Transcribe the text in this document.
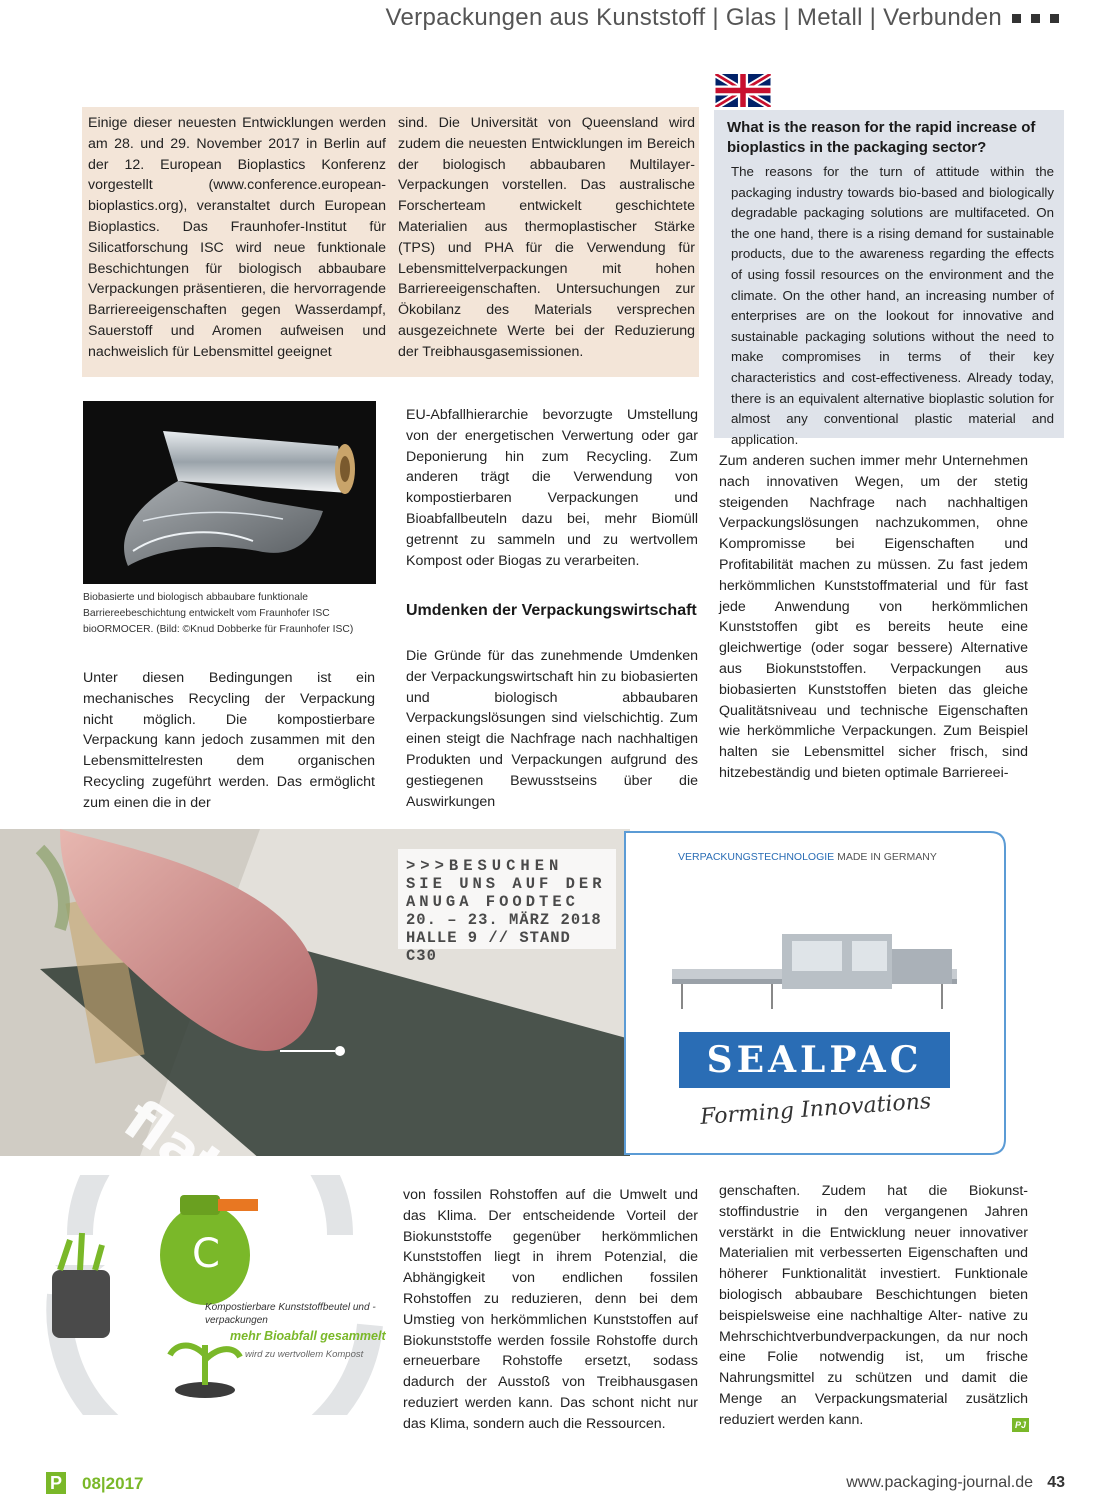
Verpackungen aus Kunststoff | Glas | Metall | Verbunden
Einige dieser neuesten Entwicklungen werden am 28. und 29. November 2017 in Berlin auf der 12. European Bioplastics Konferenz vorgestellt (www.conference.european-bioplastics.org), veranstaltet durch European Bioplastics. Das Fraunhofer-Institut für Silicatforschung ISC wird neue funktionale Beschichtungen für biologisch abbaubare Verpackungen präsentieren, die hervorragende Barriereeigenschaften gegen Wasserdampf, Sauerstoff und Aromen aufweisen und nachweislich für Lebensmittel geeignet
sind. Die Universität von Queensland wird zudem die neuesten Entwicklungen im Bereich der biologisch abbaubaren Multilayer-Verpackungen vorstellen. Das australische Forscherteam entwickelt geschichtete Materialien aus thermoplastischer Stärke (TPS) und PHA für die Verwendung für Lebensmittelverpackungen mit hohen Barriereeigenschaften. Untersuchungen zur Ökobilanz des Materials versprechen ausgezeichnete Werte bei der Reduzierung der Treibhausgasemissionen.
What is the reason for the rapid increase of bioplastics in the packaging sector?
The reasons for the turn of attitude within the packaging industry towards bio-based and biologically degradable packaging solutions are multifaceted. On the one hand, there is a rising demand for sustainable products, due to the awareness regarding the effects of using fossil resources on the environment and the climate. On the other hand, an increasing number of enterprises are on the lookout for innovative and sustainable packaging solutions without the need to make compromises in terms of their key characteristics and cost-effectiveness. Already today, there is an equivalent alternative bioplastic solution for almost any conventional plastic material and application.
Biobasierte und biologisch abbaubare funktionale Barriereebeschichtung entwickelt vom Fraunhofer ISC bioORMOCER. (Bild: ©Knud Dobberke für Fraunhofer ISC)
Unter diesen Bedingungen ist ein mechanisches Recycling der Verpackung nicht möglich. Die kompostierbare Verpackung kann jedoch zusammen mit den Lebensmittelresten dem organischen Recycling zugeführt werden. Das ermöglicht zum einen die in der
EU-Abfallhierarchie bevorzugte Umstellung von der energetischen Verwertung oder gar Deponierung hin zum Recycling. Zum anderen trägt die Verwendung von kompostierbaren Verpackungen und Bioabfallbeuteln dazu bei, mehr Biomüll getrennt zu sammeln und zu wertvollem Kompost oder Biogas zu verarbeiten.
Umdenken der Verpackungswirtschaft
Die Gründe für das zunehmende Umdenken der Verpackungswirtschaft hin zu biobasierten und biologisch abbaubaren Verpackungslösungen sind vielschichtig. Zum einen steigt die Nachfrage nach nachhaltigen Produkten und Verpackungen aufgrund des gestiegenen Bewusstseins über die Auswirkungen
Zum anderen suchen immer mehr Unternehmen nach innovativen Wegen, um der stetig steigenden Nachfrage nach nachhaltigen Verpackungslösungen nachzukommen, ohne Kompromisse bei Eigenschaften und Profitabilität machen zu müssen. Zu fast jedem herkömmlichen Kunststoffmaterial und für fast jede Anwendung von herkömmlichen Kunststoffen gibt es bereits heute eine gleichwertige (oder sogar bessere) Alternative aus Biokunststoffen. Verpackungen aus biobasierten Kunststoffen bieten das gleiche Qualitätsniveau und technische Eigenschaften wie herkömmliche Verpackungen. Zum Beispiel halten sie Lebensmittel sicher frisch, sind hitzebeständig und bieten optimale Barriereei-
>>>BESUCHEN
SIE UNS AUF DER
ANUGA FOODTEC
20. – 23. MÄRZ 2018
HALLE 9 // STAND C30
VERPACKUNGSTECHNOLOGIE MADE IN GERMANY
SEALPAC
Forming Innovations
C
Kompostierbare Kunststoffbeutel und -verpackungen
mehr Bioabfall gesammelt
wird zu wertvollem Kompost
von fossilen Rohstoffen auf die Umwelt und das Klima. Der entscheidende Vorteil der Biokunststoffe gegenüber herkömmlichen Kunststoffen liegt in ihrem Potenzial, die Abhängigkeit von endlichen fossilen Rohstoffen zu reduzieren, denn bei dem Umstieg von herkömmlichen Kunststoffen auf Biokunststoffe werden fossile Rohstoffe durch erneuerbare Rohstoffe ersetzt, sodass dadurch der Ausstoß von Treibhausgasen reduziert werden kann. Das schont nicht nur das Klima, sondern auch die Ressourcen.
genschaften. Zudem hat die Biokunst- stoffindustrie in den vergangenen Jahren verstärkt in die Entwicklung neuer innovativer Materialien mit verbesserten Eigenschaften und höherer Funktionalität investiert. Funktionale biologisch abbaubare Beschichtungen bieten beispielsweise eine nachhaltige Alter- native zu Mehrschichtverbundverpackungen, da nur noch eine Folie notwendig ist, um frische Nahrungsmittel zu schützen und damit die Menge an Verpackungsmaterial zusätzlich reduziert werden kann.	PJ
P 08|2017	www.packaging-journal.de 43
